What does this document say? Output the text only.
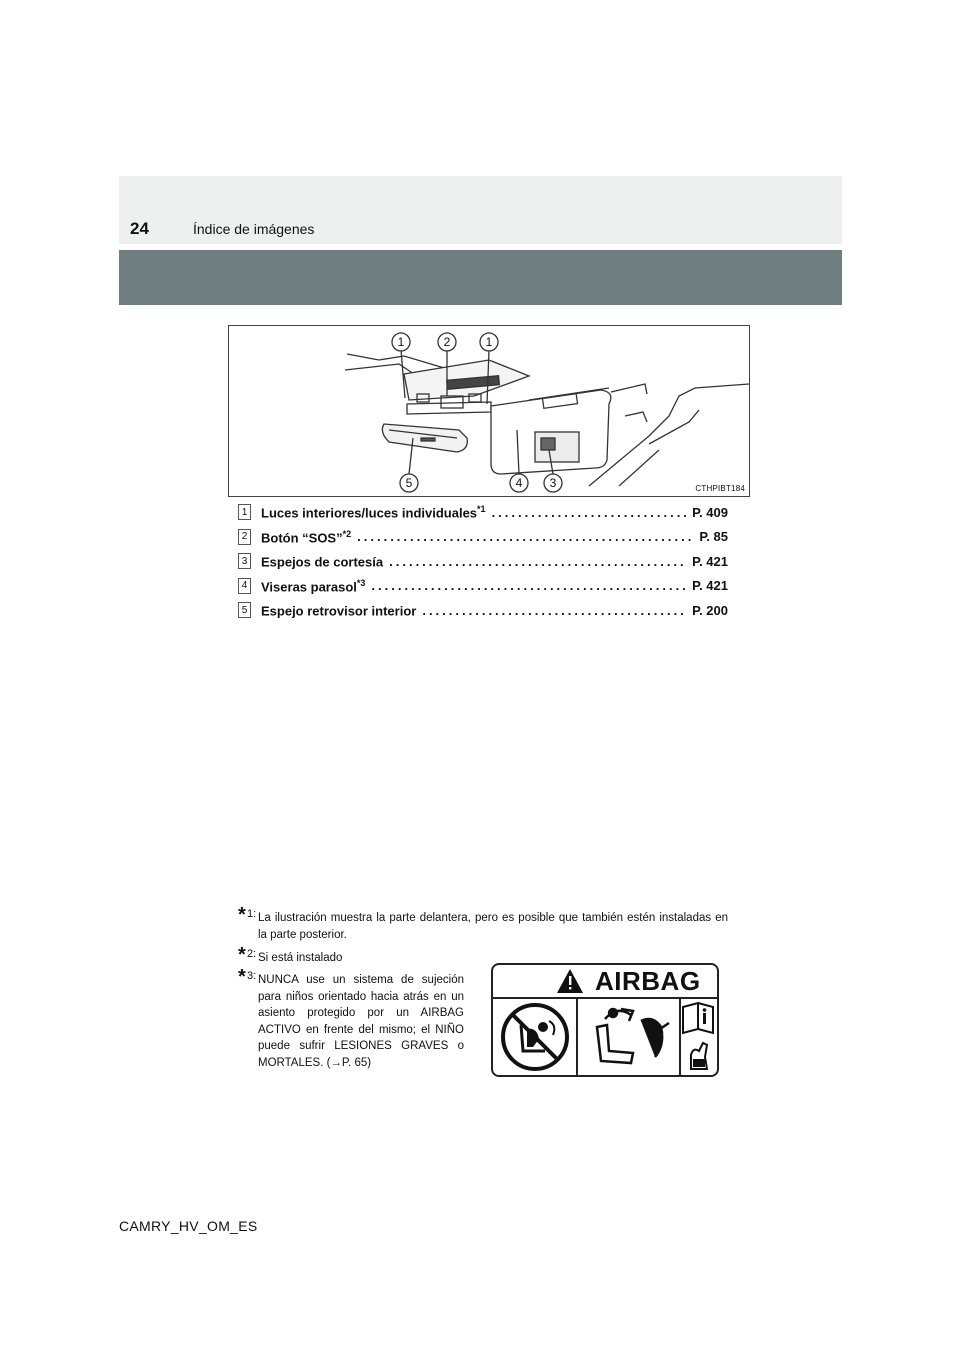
24	Índice de imágenes
1	2	1
5	4 3	CTHPIBT184
1 Luces interiores/luces individuales$^{*1}$ .....	P. 409
2 Botón “SOS”$^{*2}$ .....	P. 85
3 Espejos de cortesía .....	P. 421
4 Viseras parasol$^{*3}$ .....	P. 421
5 Espejo retrovisor interior .....	P. 200
* 1: La ilustración muestra la parte delantera, pero es posible que también estén instaladas en la parte posterior.
* 2: Si está instalado
* 3: NUNCA use un sistema de sujeción para niños orientado hacia atrás en un asiento protegido por un AIRBAG ACTIVO en frente del mismo; el NIÑO puede sufrir LESIONES GRAVES o MORTALES. (→P. 65)
AIRBAG
CAMRY_HV_OM_ES
